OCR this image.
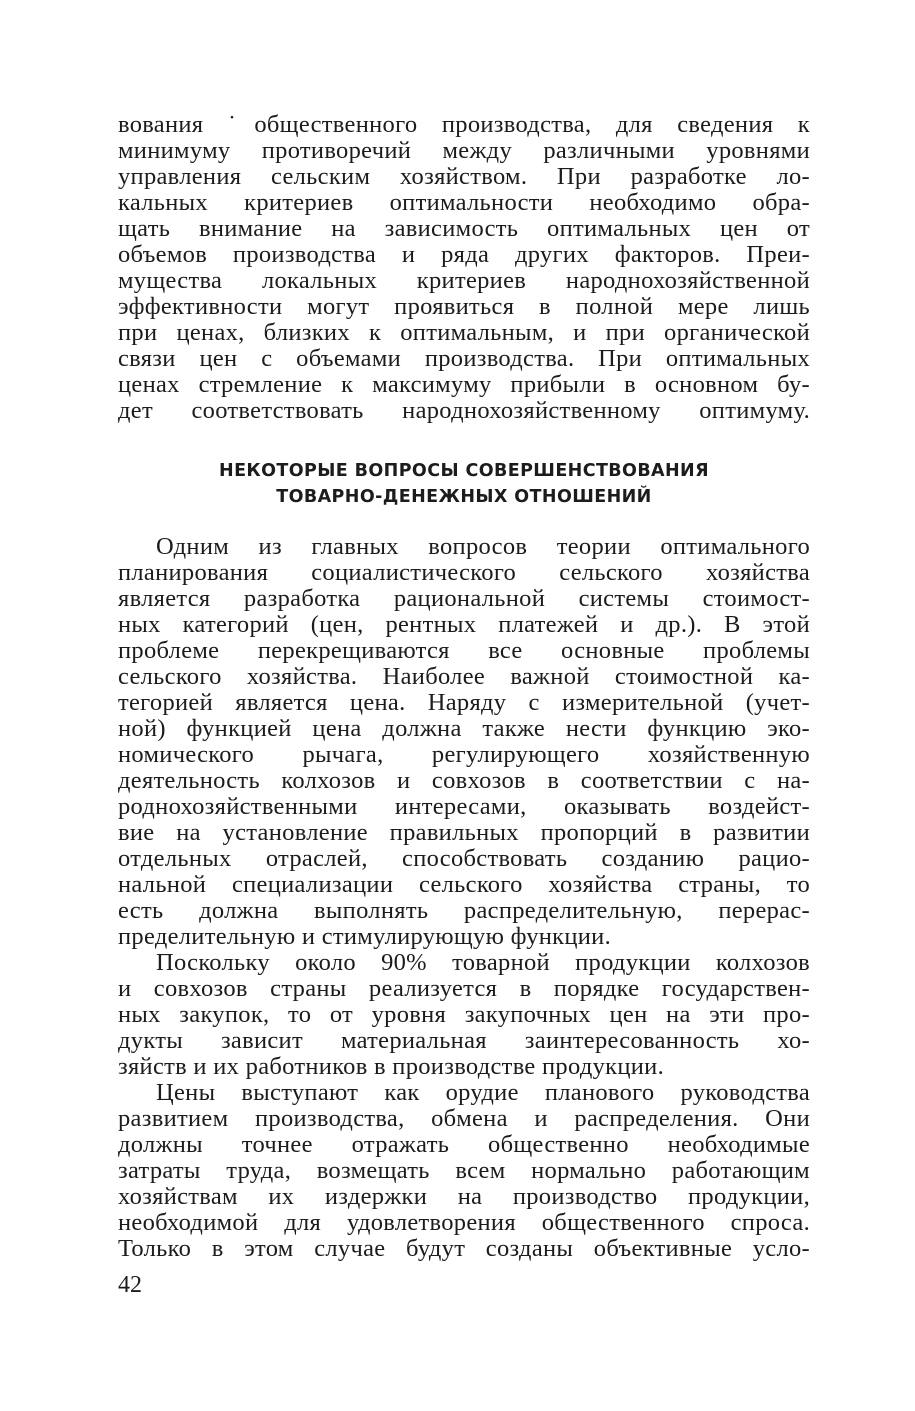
вования ˙общественного производства, для сведения к
минимуму противоречий между различными уровнями
управления сельским хозяйством. При разработке ло-
кальных критериев оптимальности необходимо обра-
щать внимание на зависимость оптимальных цен от
объемов производства и ряда других факторов. Преи-
мущества локальных критериев народнохозяйственной
эффективности могут проявиться в полной мере лишь
при ценах, близких к оптимальным, и при органической
связи цен с объемами производства. При оптимальных
ценах стремление к максимуму прибыли в основном бу-
дет соответствовать народнохозяйственному оптимуму.
НЕКОТОРЫЕ ВОПРОСЫ СОВЕРШЕНСТВОВАНИЯ
ТОВАРНО-ДЕНЕЖНЫХ ОТНОШЕНИЙ
Одним из главных вопросов теории оптимального
планирования социалистического сельского хозяйства
является разработка рациональной системы стоимост-
ных категорий (цен, рентных платежей и др.). В этой
проблеме перекрещиваются все основные проблемы
сельского хозяйства. Наиболее важной стоимостной ка-
тегорией является цена. Наряду с измерительной (учет-
ной) функцией цена должна также нести функцию эко-
номического рычага, регулирующего хозяйственную
деятельность колхозов и совхозов в соответствии с на-
роднохозяйственными интересами, оказывать воздейст-
вие на установление правильных пропорций в развитии
отдельных отраслей, способствовать созданию рацио-
нальной специализации сельского хозяйства страны, то
есть должна выполнять распределительную, перерас-
пределительную и стимулирующую функции.
Поскольку около 90% товарной продукции колхозов
и совхозов страны реализуется в порядке государствен-
ных закупок, то от уровня закупочных цен на эти про-
дукты зависит материальная заинтересованность хо-
зяйств и их работников в производстве продукции.
Цены выступают как орудие планового руководства
развитием производства, обмена и распределения. Они
должны точнее отражать общественно необходимые
затраты труда, возмещать всем нормально работающим
хозяйствам их издержки на производство продукции,
необходимой для удовлетворения общественного спроса.
Только в этом случае будут созданы объективные усло-
42
